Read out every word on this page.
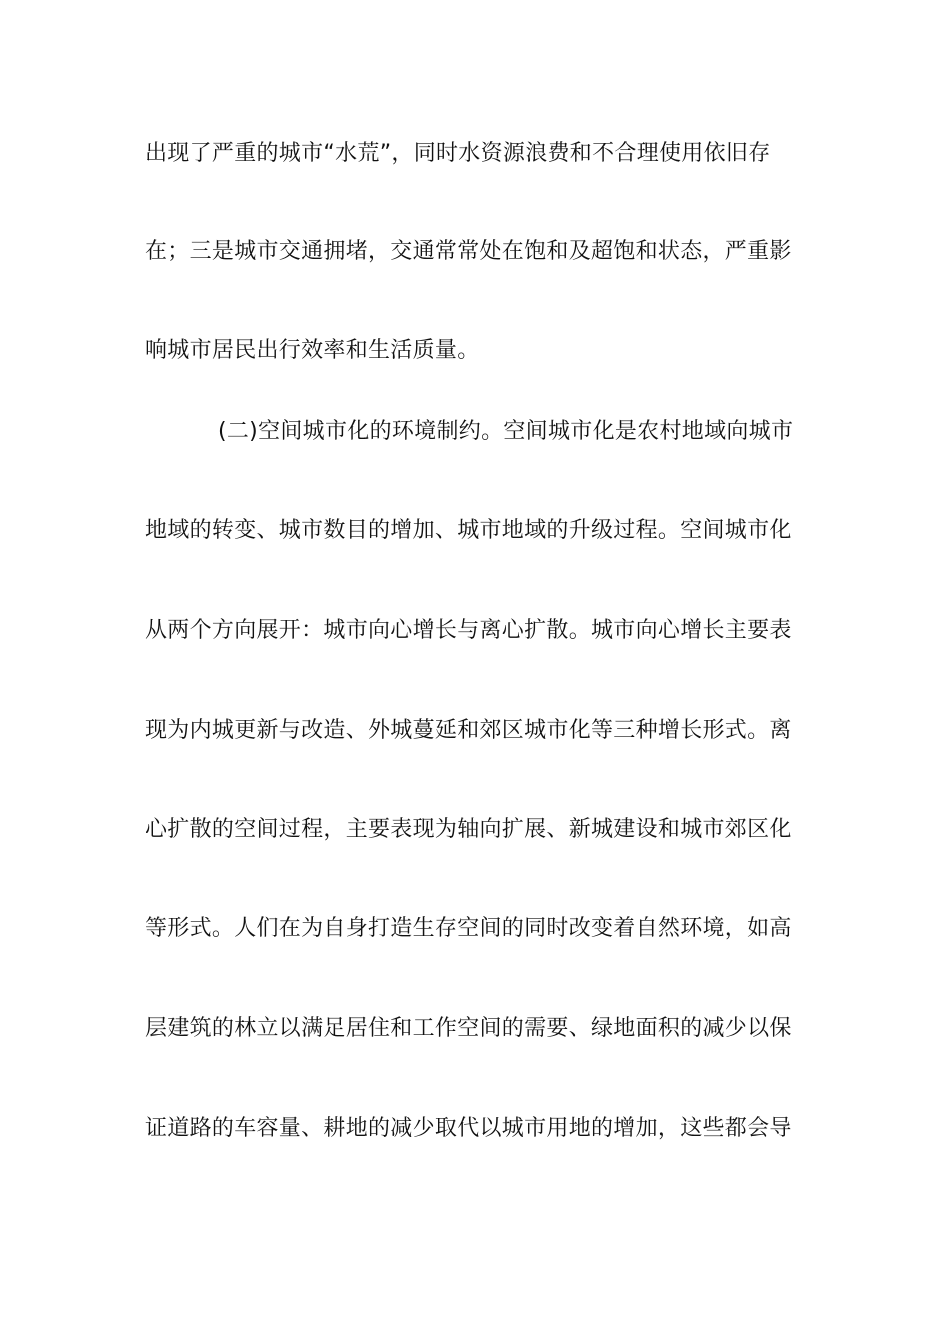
出现了严重的城市“水荒”，同时水资源浪费和不合理使用依旧存
在；三是城市交通拥堵，交通常常处在饱和及超饱和状态，严重影
响城市居民出行效率和生活质量。
(二)空间城市化的环境制约。空间城市化是农村地域向城市
地域的转变、城市数目的增加、城市地域的升级过程。空间城市化
从两个方向展开：城市向心增长与离心扩散。城市向心增长主要表
现为内城更新与改造、外城蔓延和郊区城市化等三种增长形式。离
心扩散的空间过程，主要表现为轴向扩展、新城建设和城市郊区化
等形式。人们在为自身打造生存空间的同时改变着自然环境，如高
层建筑的林立以满足居住和工作空间的需要、绿地面积的减少以保
证道路的车容量、耕地的减少取代以城市用地的增加，这些都会导
